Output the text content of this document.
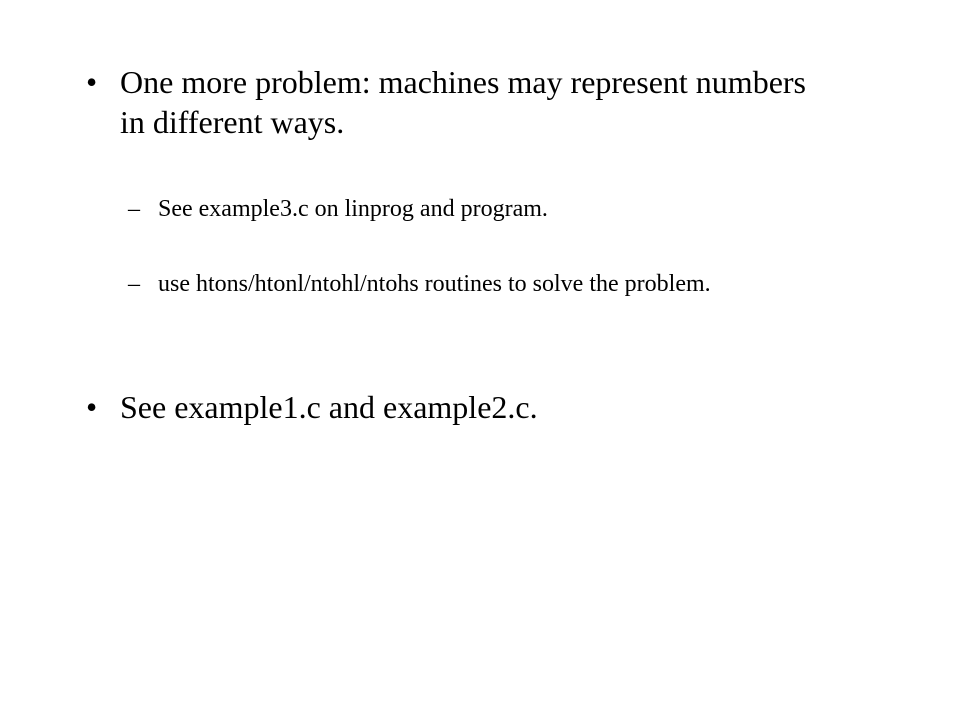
• One more problem: machines may represent numbers in different ways.
– See example3.c on linprog and program.
– use htons/htonl/ntohl/ntohs routines to solve the problem.
• See example1.c and example2.c.
